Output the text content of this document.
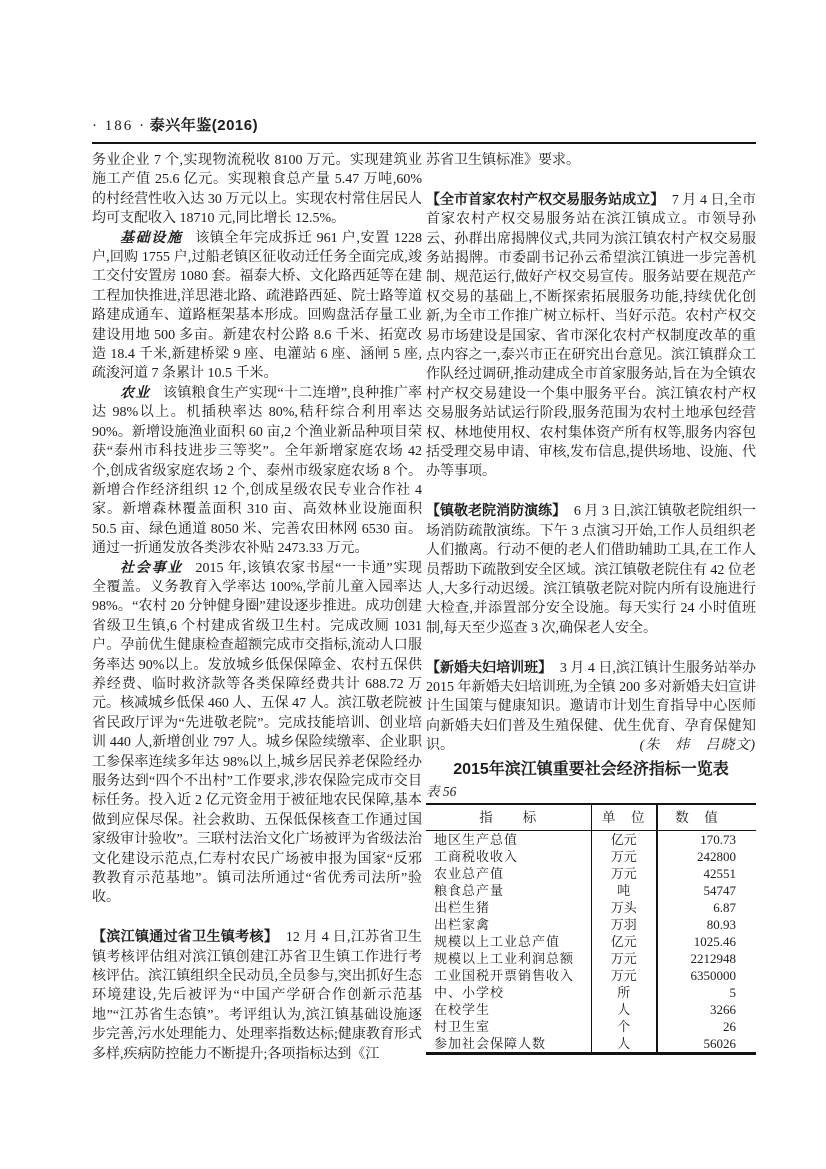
· 186 · 泰兴年鉴(2016)

务业企业 7 个,实现物流税收 8100 万元。实现建筑业施工产值 25.6 亿元。实现粮食总产量 5.47 万吨,60%的村经营性收入达 30 万元以上。实现农村常住居民人均可支配收入 18710 元,同比增长 12.5%。

基础设施 该镇全年完成拆迁 961 户,安置 1228 户,回购 1755 户,过船老镇区征收动迁任务全面完成,竣工交付安置房 1080 套。福泰大桥、文化路西延等在建工程加快推进,洋思港北路、疏港路西延、院士路等道路建成通车、道路框架基本形成。回购盘活存量工业建设用地 500 多亩。新建农村公路 8.6 千米、拓宽改造 18.4 千米,新建桥梁 9 座、电灌站 6 座、涵闸 5 座,疏浚河道 7 条累计 10.5 千米。

农业 该镇粮食生产实现“十二连增”,良种推广率达 98%以上。机插秧率达 80%,秸秆综合利用率达 90%。新增设施渔业面积 60 亩,2 个渔业新品种项目荣获“泰州市科技进步三等奖”。全年新增家庭农场 42 个,创成省级家庭农场 2 个、泰州市级家庭农场 8 个。新增合作经济组织 12 个,创成星级农民专业合作社 4 家。新增森林覆盖面积 310 亩、高效林业设施面积 50.5 亩、绿色通道 8050 米、完善农田林网 6530 亩。通过一折通发放各类涉农补贴 2473.33 万元。

社会事业 2015 年,该镇农家书屋“一卡通”实现全覆盖。义务教育入学率达 100%,学前儿童入园率达 98%。“农村 20 分钟健身圈”建设逐步推进。成功创建省级卫生镇,6 个村建成省级卫生村。完成改厕 1031 户。孕前优生健康检查超额完成市交指标,流动人口服务率达 90%以上。发放城乡低保保障金、农村五保供养经费、临时救济款等各类保障经费共计 688.72 万元。核减城乡低保 460 人、五保 47 人。滨江敬老院被省民政厅评为“先进敬老院”。完成技能培训、创业培训 440 人,新增创业 797 人。城乡保险续缴率、企业职工参保率连续多年达 98%以上,城乡居民养老保险经办服务达到“四个不出村”工作要求,涉农保险完成市交目标任务。投入近 2 亿元资金用于被征地农民保障,基本做到应保尽保。社会救助、五保低保核查工作通过国家级审计验收”。三联村法治文化广场被评为省级法治文化建设示范点,仁寿村农民广场被申报为国家“反邪教教育示范基地”。镇司法所通过“省优秀司法所”验收。

【滨江镇通过省卫生镇考核】 12 月 4 日,江苏省卫生镇考核评估组对滨江镇创建江苏省卫生镇工作进行考核评估。滨江镇组织全民动员,全员参与,突出抓好生态环境建设,先后被评为“中国产学研合作创新示范基地”“江苏省生态镇”。考评组认为,滨江镇基础设施逐步完善,污水处理能力、处理率指数达标;健康教育形式多样,疾病防控能力不断提升;各项指标达到《江

苏省卫生镇标准》要求。

【全市首家农村产权交易服务站成立】 7 月 4 日,全市首家农村产权交易服务站在滨江镇成立。市领导孙云、孙群出席揭牌仪式,共同为滨江镇农村产权交易服务站揭牌。市委副书记孙云希望滨江镇进一步完善机制、规范运行,做好产权交易宣传。服务站要在规范产权交易的基础上,不断探索拓展服务功能,持续优化创新,为全市工作推广树立标杆、当好示范。农村产权交易市场建设是国家、省市深化农村产权制度改革的重点内容之一,泰兴市正在研究出台意见。滨江镇群众工作队经过调研,推动建成全市首家服务站,旨在为全镇农村产权交易建设一个集中服务平台。滨江镇农村产权交易服务站试运行阶段,服务范围为农村土地承包经营权、林地使用权、农村集体资产所有权等,服务内容包括受理交易申请、审核,发布信息,提供场地、设施、代办等事项。

【镇敬老院消防演练】 6 月 3 日,滨江镇敬老院组织一场消防疏散演练。下午 3 点演习开始,工作人员组织老人们撤离。行动不便的老人们借助辅助工具,在工作人员帮助下疏散到安全区域。滨江镇敬老院住有 42 位老人,大多行动迟缓。滨江镇敬老院对院内所有设施进行大检查,并添置部分安全设施。每天实行 24 小时值班制,每天至少巡查 3 次,确保老人安全。

【新婚夫妇培训班】 3 月 4 日,滨江镇计生服务站举办 2015 年新婚夫妇培训班,为全镇 200 多对新婚夫妇宣讲计生国策与健康知识。邀请市计划生育指导中心医师向新婚夫妇们普及生殖保健、优生优育、孕育保健知识。	(朱　炜　吕晓文)

2015年滨江镇重要社会经济指标一览表
表 56
指　　标	单　位	数　值
地区生产总值	亿元	170.73
工商税收收入	万元	242800
农业总产值	万元	42551
粮食总产量	吨	54747
出栏生猪	万头	6.87
出栏家禽	万羽	80.93
规模以上工业总产值	亿元	1025.46
规模以上工业利润总额	万元	2212948
工业国税开票销售收入	万元	6350000
中、小学校	所	5
在校学生	人	3266
村卫生室	个	26
参加社会保障人数	人	56026
